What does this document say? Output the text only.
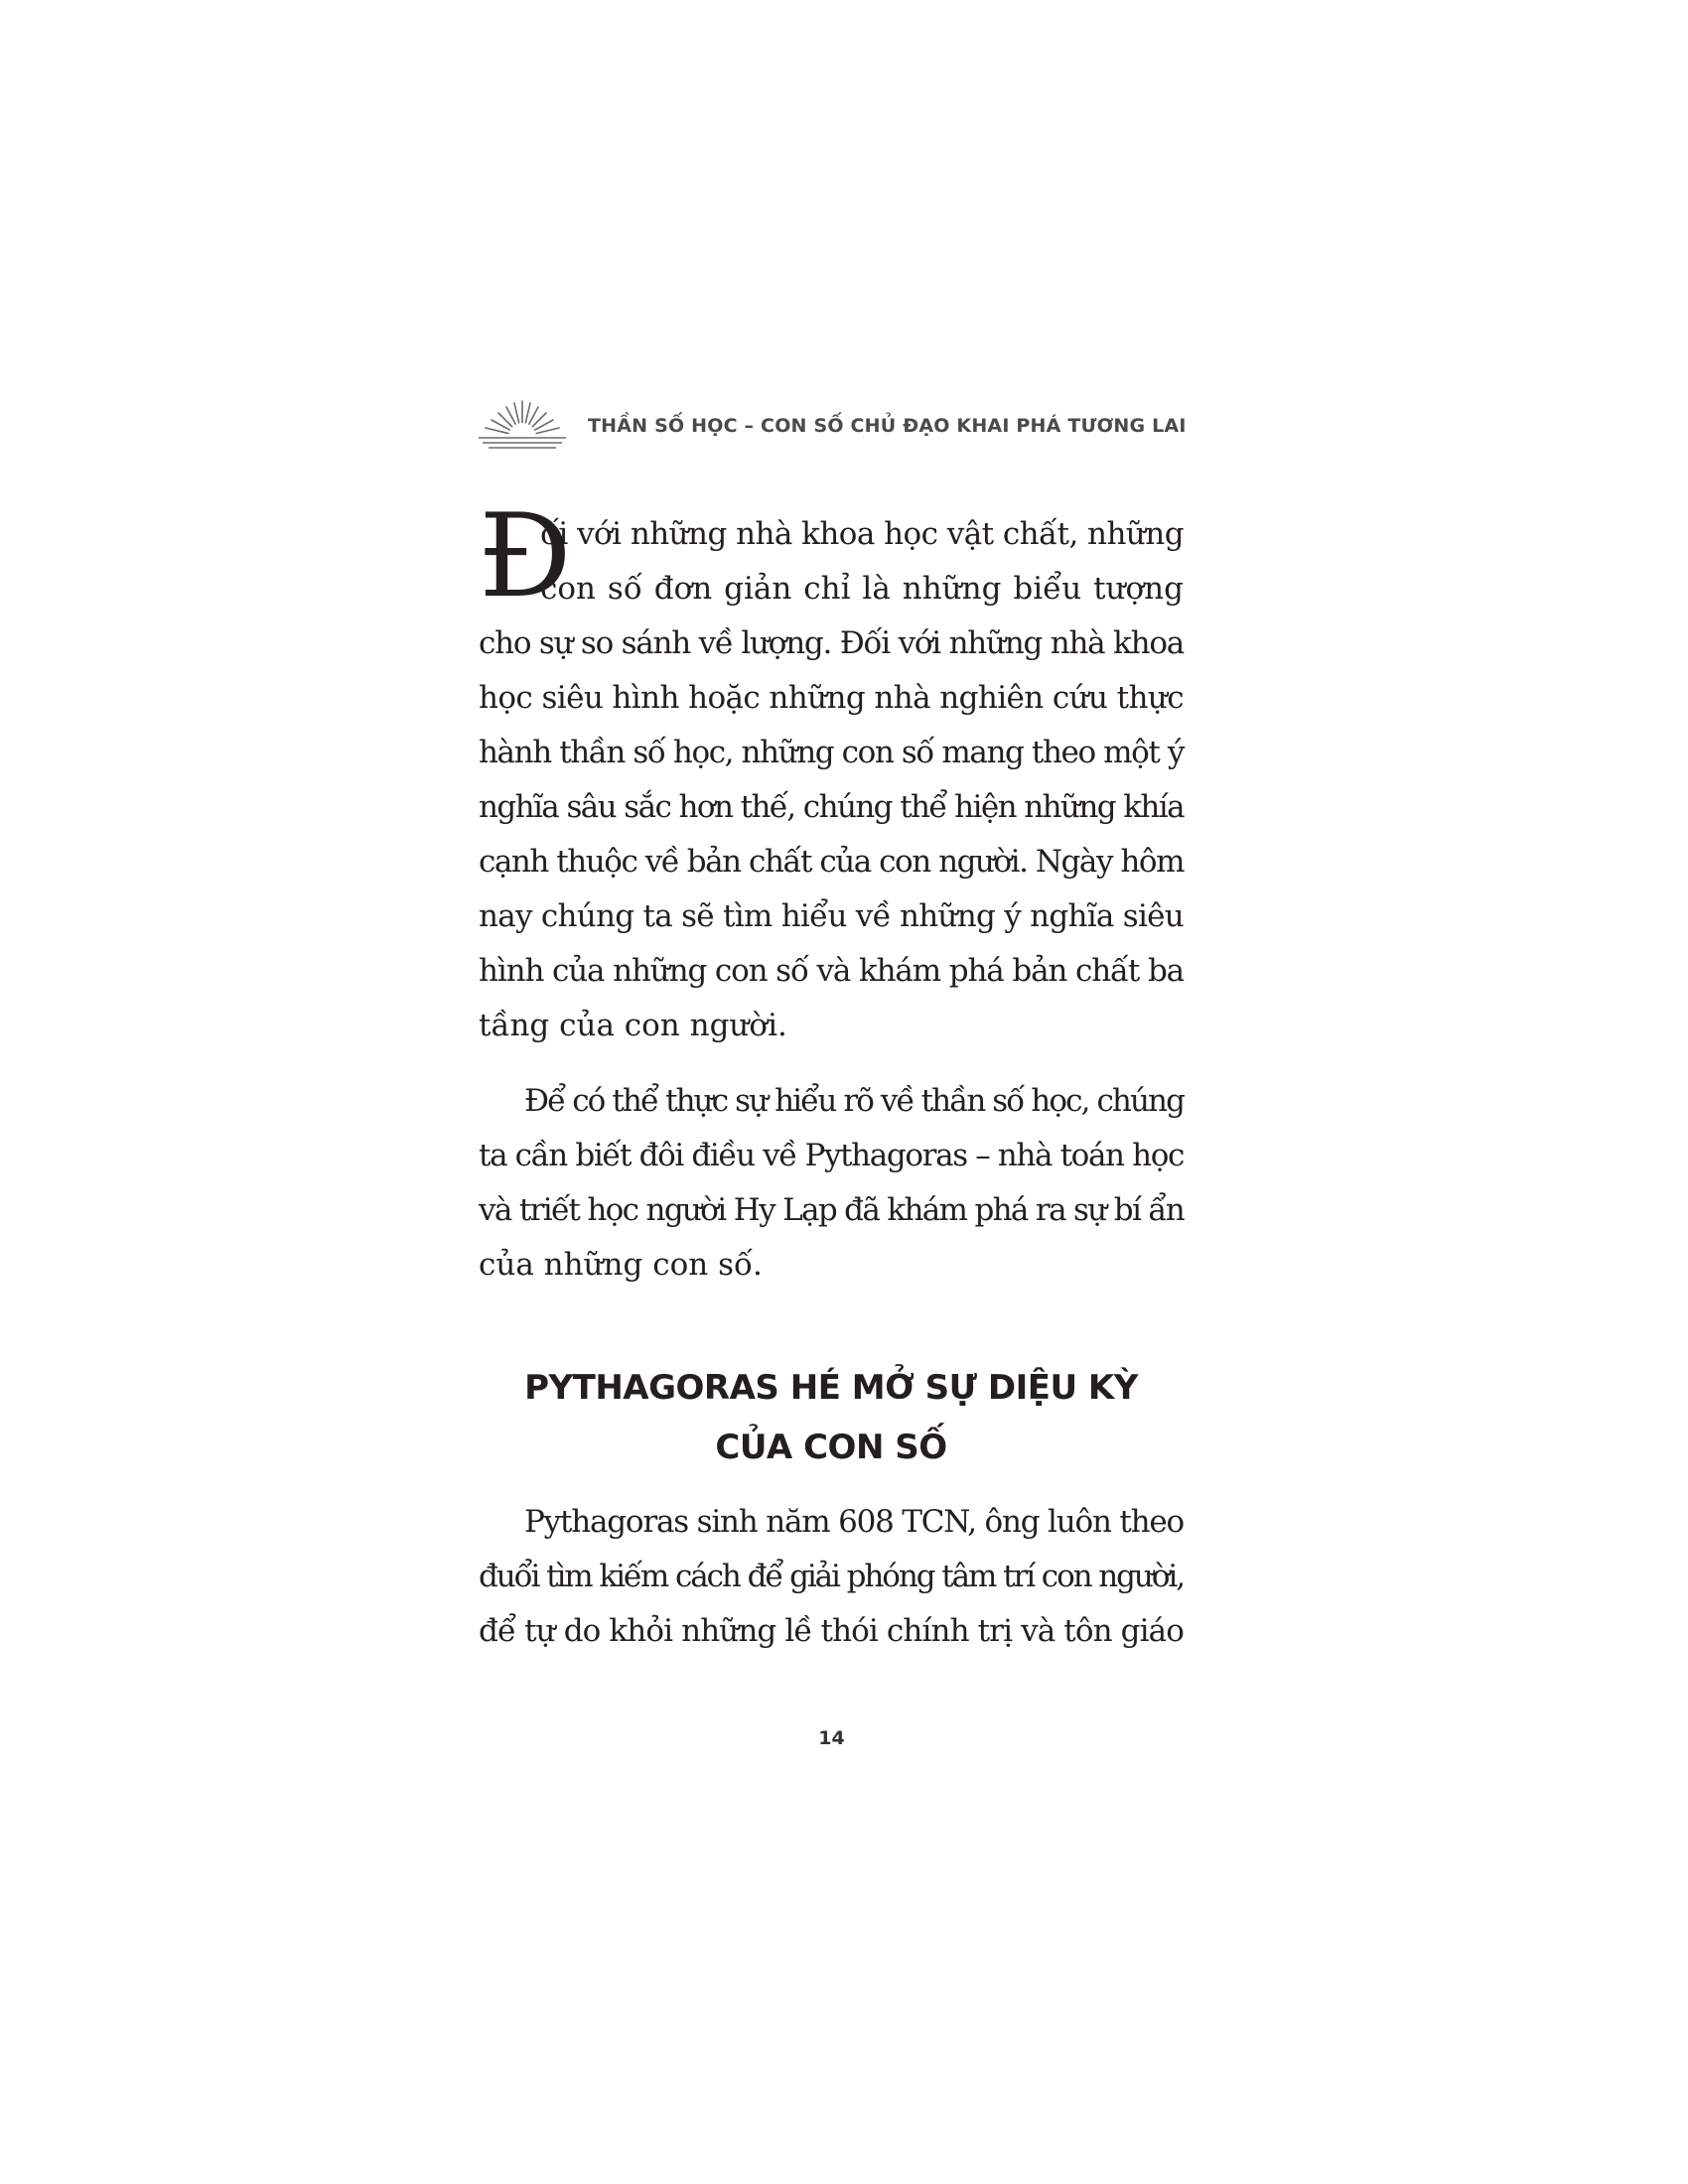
THẦN SỐ HỌC – CON SỐ CHỦ ĐẠO KHAI PHÁ TƯƠNG LAI
Đ
ối với những nhà khoa học vật chất, những
con số đơn giản chỉ là những biểu tượng
cho sự so sánh về lượng. Đối với những nhà khoa
học siêu hình hoặc những nhà nghiên cứu thực
hành thần số học, những con số mang theo một ý
nghĩa sâu sắc hơn thế, chúng thể hiện những khía
cạnh thuộc về bản chất của con người. Ngày hôm
nay chúng ta sẽ tìm hiểu về những ý nghĩa siêu
hình của những con số và khám phá bản chất ba
tầng của con người.
Để có thể thực sự hiểu rõ về thần số học, chúng
ta cần biết đôi điều về Pythagoras – nhà toán học
và triết học người Hy Lạp đã khám phá ra sự bí ẩn
của những con số.
PYTHAGORAS HÉ MỞ SỰ DIỆU KỲ
CỦA CON SỐ
Pythagoras sinh năm 608 TCN, ông luôn theo
đuổi tìm kiếm cách để giải phóng tâm trí con người,
để tự do khỏi những lề thói chính trị và tôn giáo
14
